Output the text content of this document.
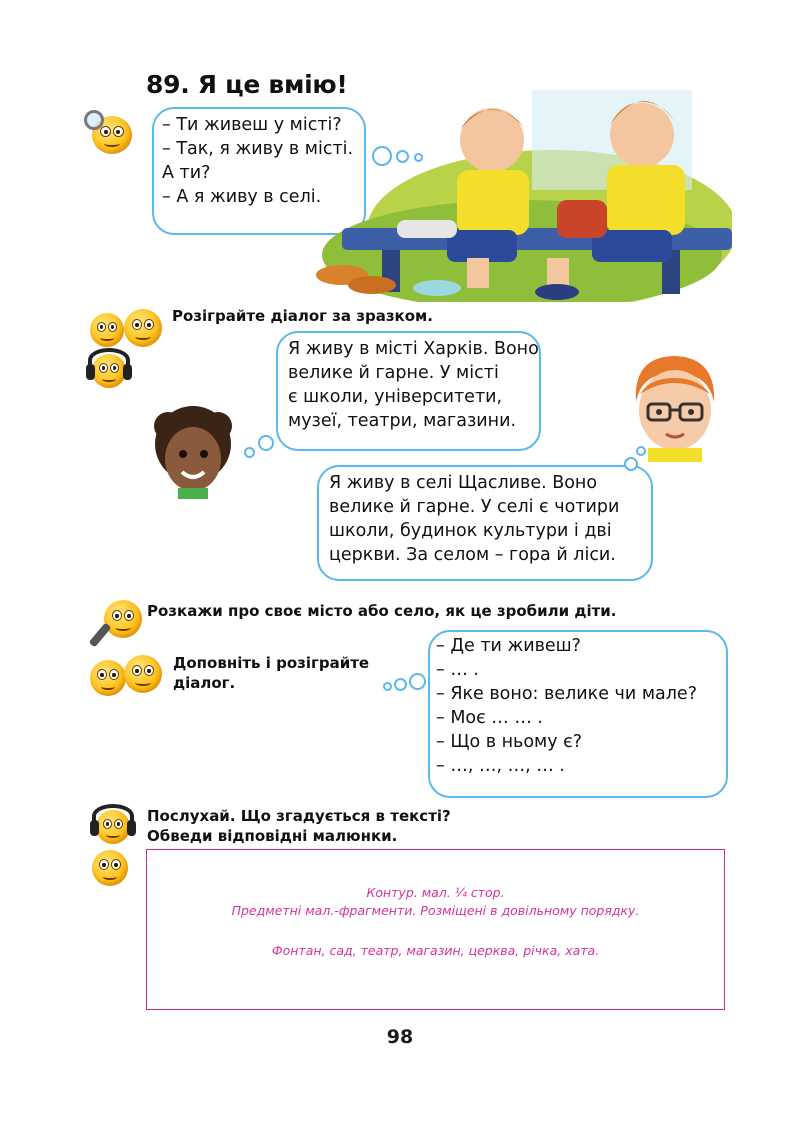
89. Я це вмію!
– Ти живеш у місті?
– Так, я живу в місті.
А ти?
– А я живу в селі.
Розіграйте діалог за зразком.
Я живу в місті Харків. Воно
велике й гарне. У місті
є школи, університети,
музеї, театри, магазини.
Я живу в селі Щасливе. Воно
велике й гарне. У селі є чотири
школи, будинок культури і дві
церкви. За селом – гора й ліси.
Розкажи про своє місто або село, як це зробили діти.
Доповніть і розіграйте
діалог.
– Де ти живеш?
– … .
– Яке воно: велике чи мале?
– Моє … … .
– Що в ньому є?
– …, …, …, … .
Послухай. Що згадується в тексті?
Обведи відповідні малюнки.
Контур. мал. ¼ стор.
Предметні мал.-фрагменти. Розміщені в довільному порядку.
Фонтан, сад, театр, магазин, церква, річка, хата.
98
